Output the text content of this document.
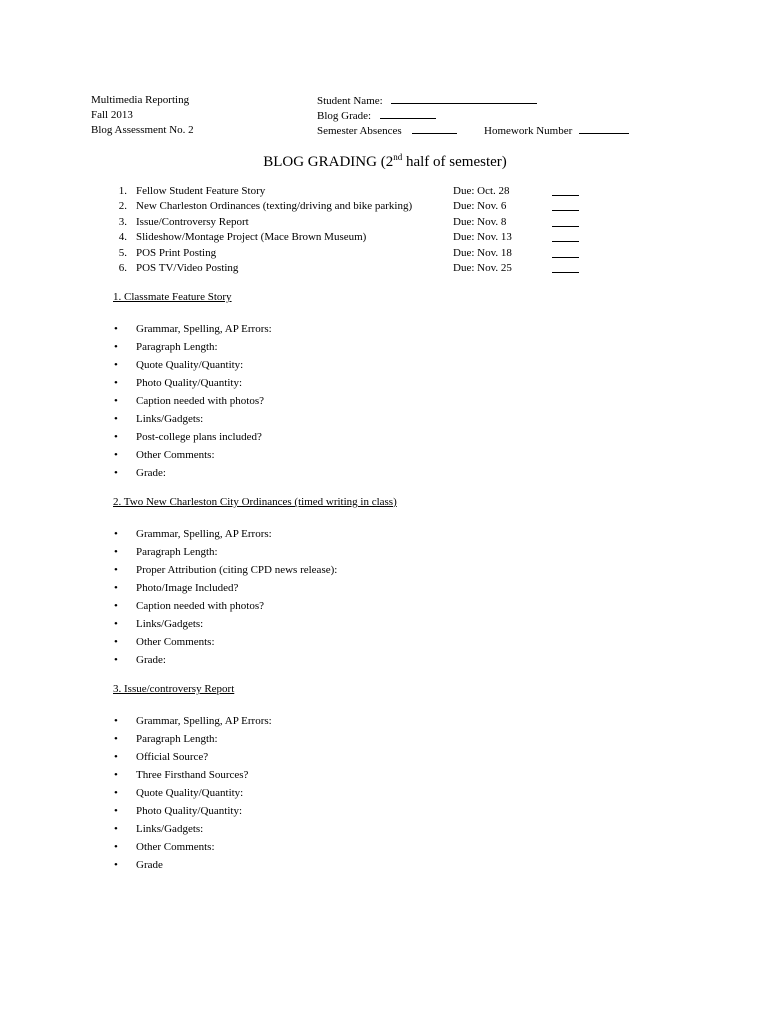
Multimedia Reporting
Fall 2013
Blog Assessment No. 2
Student Name:
Blog Grade:
Semester Absences	Homework Number
BLOG GRADING (2nd half of semester)
1. Fellow Student Feature Story	Due: Oct. 28
2. New Charleston Ordinances (texting/driving and bike parking)	Due: Nov. 6
3. Issue/Controversy Report	Due: Nov. 8
4. Slideshow/Montage Project (Mace Brown Museum)	Due: Nov. 13
5. POS Print Posting	Due: Nov. 18
6. POS TV/Video Posting	Due: Nov. 25
1. Classmate Feature Story
• Grammar, Spelling, AP Errors:
• Paragraph Length:
• Quote Quality/Quantity:
• Photo Quality/Quantity:
• Caption needed with photos?
• Links/Gadgets:
• Post-college plans included?
• Other Comments:
• Grade:
2. Two New Charleston City Ordinances (timed writing in class)
• Grammar, Spelling, AP Errors:
• Paragraph Length:
• Proper Attribution (citing CPD news release):
• Photo/Image Included?
• Caption needed with photos?
• Links/Gadgets:
• Other Comments:
• Grade:
3. Issue/controversy Report
• Grammar, Spelling, AP Errors:
• Paragraph Length:
• Official Source?
• Three Firsthand Sources?
• Quote Quality/Quantity:
• Photo Quality/Quantity:
• Links/Gadgets:
• Other Comments:
• Grade
